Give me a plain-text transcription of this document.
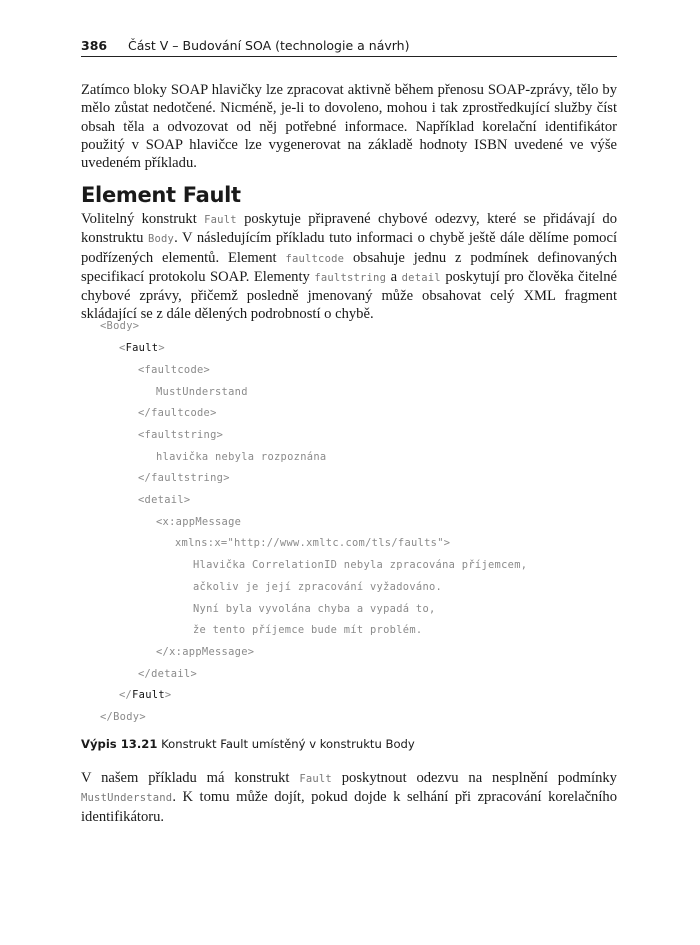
386 Část V – Budování SOA (technologie a návrh)

Zatímco bloky SOAP hlavičky lze zpracovat aktivně během přenosu SOAP-zprávy, tělo by mělo zůstat nedotčené. Nicméně, je-li to dovoleno, mohou i tak zprostředkující služby číst obsah těla a odvozovat od něj potřebné informace. Například korelační identifikátor použitý v SOAP hlavičce lze vygenerovat na základě hodnoty ISBN uvedené ve výše uvedeném příkladu.

Element Fault

Volitelný konstrukt Fault poskytuje připravené chybové odezvy, které se přidávají do konstruktu Body. V následujícím příkladu tuto informaci o chybě ještě dále dělíme pomocí podřízených elementů. Element faultcode obsahuje jednu z podmínek definovaných specifikací protokolu SOAP. Elementy faultstring a detail poskytují pro člověka čitelné chybové zprávy, přičemž posledně jmenovaný může obsahovat celý XML fragment skládající se z dále dělených podrobností o chybě.

<Body>
<Fault>
<faultcode>
MustUnderstand
</faultcode>
<faultstring>
hlavička nebyla rozpoznána
</faultstring>
<detail>
<x:appMessage
xmlns:x="http://www.xmltc.com/tls/faults">
Hlavička CorrelationID nebyla zpracována příjemcem,
ačkoliv je její zpracování vyžadováno.
Nyní byla vyvolána chyba a vypadá to,
že tento příjemce bude mít problém.
</x:appMessage>
</detail>
</Fault>
</Body>
Výpis 13.21 Konstrukt Fault umístěný v konstruktu Body

V našem příkladu má konstrukt Fault poskytnout odezvu na nesplnění podmínky MustUnderstand. K tomu může dojít, pokud dojde k selhání při zpracování korelačního identifikátoru.
